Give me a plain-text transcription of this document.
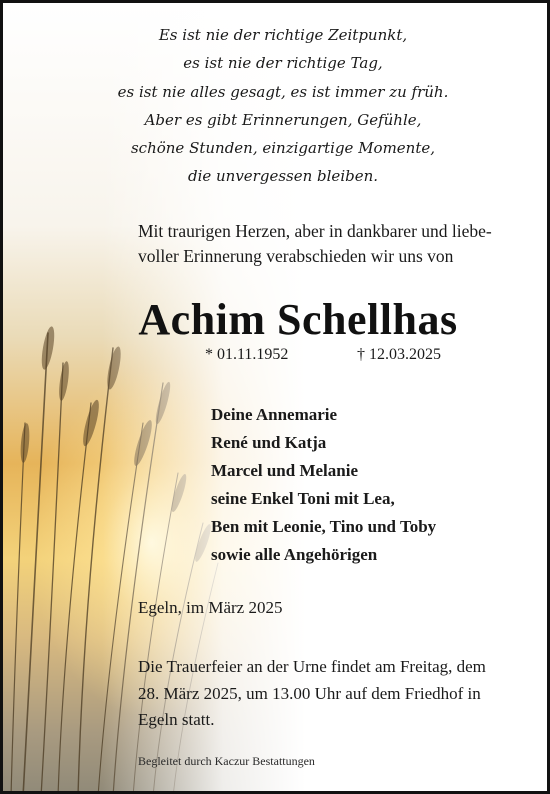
Es ist nie der richtige Zeitpunkt,
es ist nie der richtige Tag,
es ist nie alles gesagt, es ist immer zu früh.
Aber es gibt Erinnerungen, Gefühle,
schöne Stunden, einzigartige Momente,
die unvergessen bleiben.
Mit traurigen Herzen, aber in dankbarer und liebe-
voller Erinnerung verabschieden wir uns von
Achim Schellhas
* 01.11.1952	† 12.03.2025
Deine Annemarie
René und Katja
Marcel und Melanie
seine Enkel Toni mit Lea,
Ben mit Leonie, Tino und Toby
sowie alle Angehörigen
Egeln, im März 2025
Die Trauerfeier an der Urne findet am Freitag, dem
28. März 2025, um 13.00 Uhr auf dem Friedhof in
Egeln statt.
Begleitet durch Kaczur Bestattungen
